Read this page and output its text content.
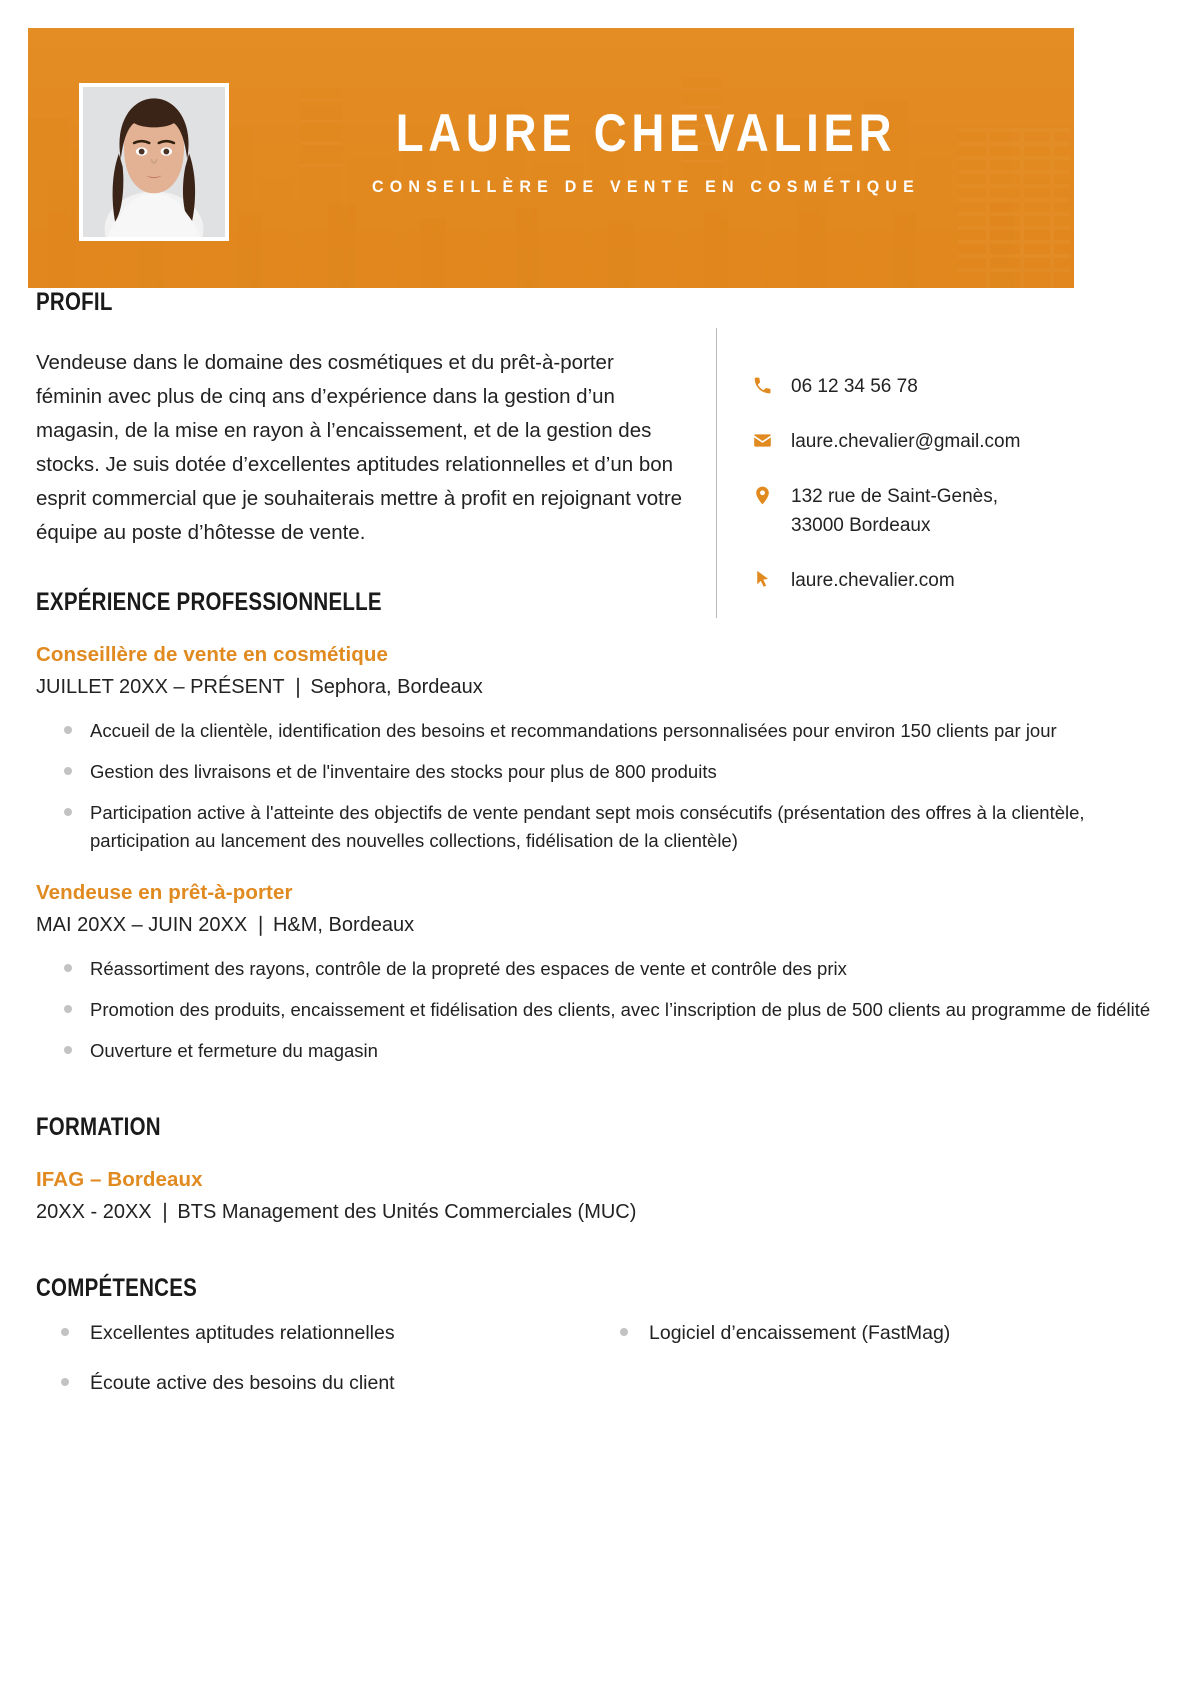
LAURE CHEVALIER
CONSEILLÈRE DE VENTE EN COSMÉTIQUE
PROFIL
Vendeuse dans le domaine des cosmétiques et du prêt-à-porter féminin avec plus de cinq ans d’expérience dans la gestion d’un magasin, de la mise en rayon à l’encaissement, et de la gestion des stocks. Je suis dotée d’excellentes aptitudes relationnelles et d’un bon esprit commercial que je souhaiterais mettre à profit en rejoignant votre équipe au poste d’hôtesse de vente.
06 12 34 56 78
laure.chevalier@gmail.com
132 rue de Saint-Genès,
33000 Bordeaux
laure.chevalier.com
EXPÉRIENCE PROFESSIONNELLE
Conseillère de vente en cosmétique
JUILLET 20XX – PRÉSENT ❘ Sephora, Bordeaux
Accueil de la clientèle, identification des besoins et recommandations personnalisées pour environ 150 clients par jour
Gestion des livraisons et de l'inventaire des stocks pour plus de 800 produits
Participation active à l'atteinte des objectifs de vente pendant sept mois consécutifs (présentation des offres à la clientèle, participation au lancement des nouvelles collections, fidélisation de la clientèle)
Vendeuse en prêt-à-porter
MAI 20XX – JUIN 20XX ❘ H&M, Bordeaux
Réassortiment des rayons, contrôle de la propreté des espaces de vente et contrôle des prix
Promotion des produits, encaissement et fidélisation des clients, avec l’inscription de plus de 500 clients au programme de fidélité
Ouverture et fermeture du magasin
FORMATION
IFAG – Bordeaux
20XX - 20XX ❘ BTS Management des Unités Commerciales (MUC)
COMPÉTENCES
Excellentes aptitudes relationnelles
Écoute active des besoins du client
Logiciel d’encaissement (FastMag)
